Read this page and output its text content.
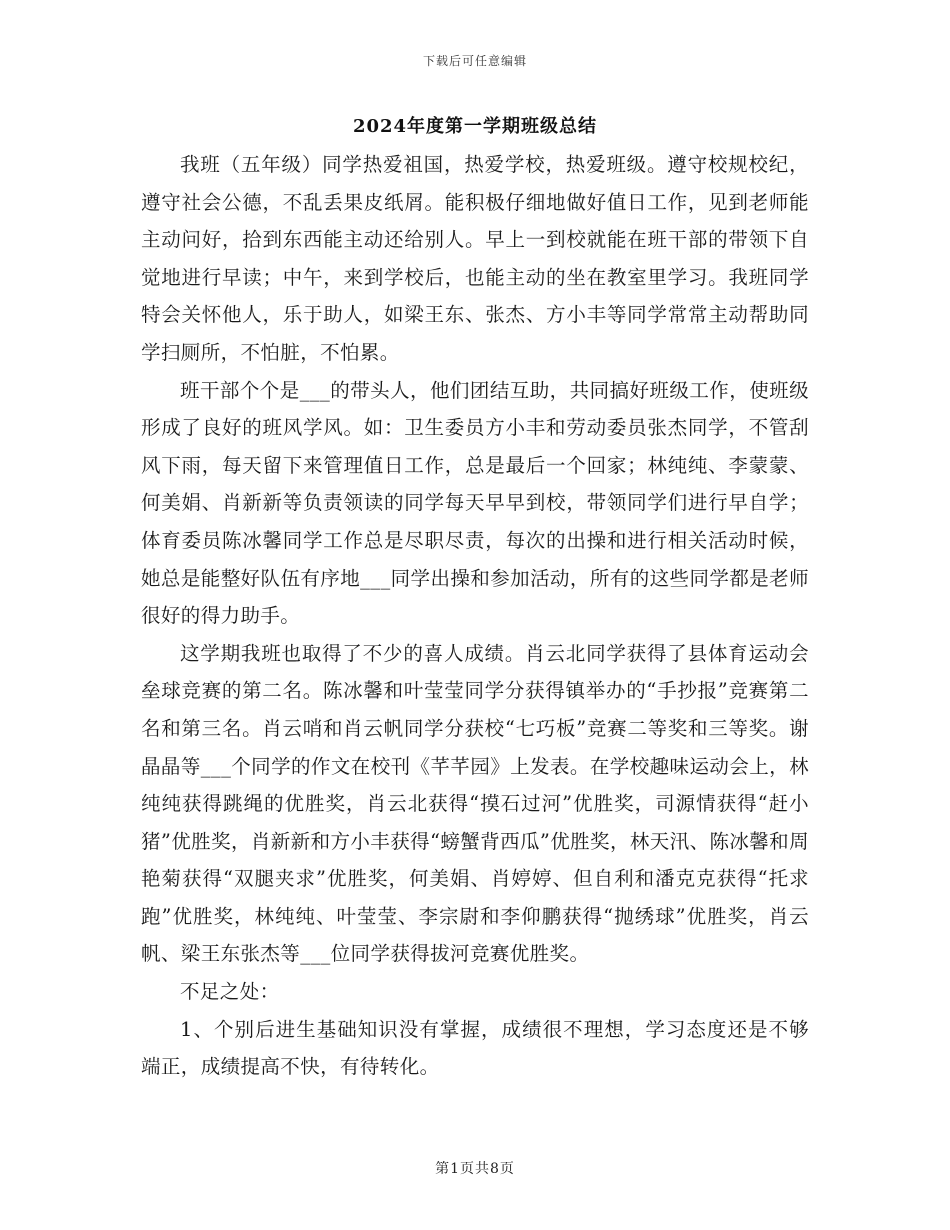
下载后可任意编辑
2024年度第一学期班级总结

我班（五年级）同学热爱祖国，热爱学校，热爱班级。遵守校规校纪，遵守社会公德，不乱丢果皮纸屑。能积极仔细地做好值日工作，见到老师能主动问好，拾到东西能主动还给别人。早上一到校就能在班干部的带领下自觉地进行早读；中午，来到学校后，也能主动的坐在教室里学习。我班同学特会关怀他人，乐于助人，如梁王东、张杰、方小丰等同学常常主动帮助同学扫厕所，不怕脏，不怕累。

班干部个个是___的带头人，他们团结互助，共同搞好班级工作，使班级形成了良好的班风学风。如：卫生委员方小丰和劳动委员张杰同学，不管刮风下雨，每天留下来管理值日工作，总是最后一个回家；林纯纯、李蒙蒙、何美娟、肖新新等负责领读的同学每天早早到校，带领同学们进行早自学；体育委员陈冰馨同学工作总是尽职尽责，每次的出操和进行相关活动时候，她总是能整好队伍有序地___同学出操和参加活动，所有的这些同学都是老师很好的得力助手。

这学期我班也取得了不少的喜人成绩。肖云北同学获得了县体育运动会垒球竞赛的第二名。陈冰馨和叶莹莹同学分获得镇举办的“手抄报”竞赛第二名和第三名。肖云哨和肖云帆同学分获校“七巧板”竞赛二等奖和三等奖。谢晶晶等___个同学的作文在校刊《芊芊园》上发表。在学校趣味运动会上，林纯纯获得跳绳的优胜奖，肖云北获得“摸石过河”优胜奖，司源情获得“赶小猪”优胜奖，肖新新和方小丰获得“螃蟹背西瓜”优胜奖，林天汛、陈冰馨和周艳菊获得“双腿夹求”优胜奖，何美娟、肖婷婷、但自利和潘克克获得“托求跑”优胜奖，林纯纯、叶莹莹、李宗尉和李仰鹏获得“抛绣球”优胜奖，肖云帆、梁王东张杰等___位同学获得拔河竞赛优胜奖。

不足之处：

1、个别后进生基础知识没有掌握，成绩很不理想，学习态度还是不够端正，成绩提高不快，有待转化。

第1页共8页
